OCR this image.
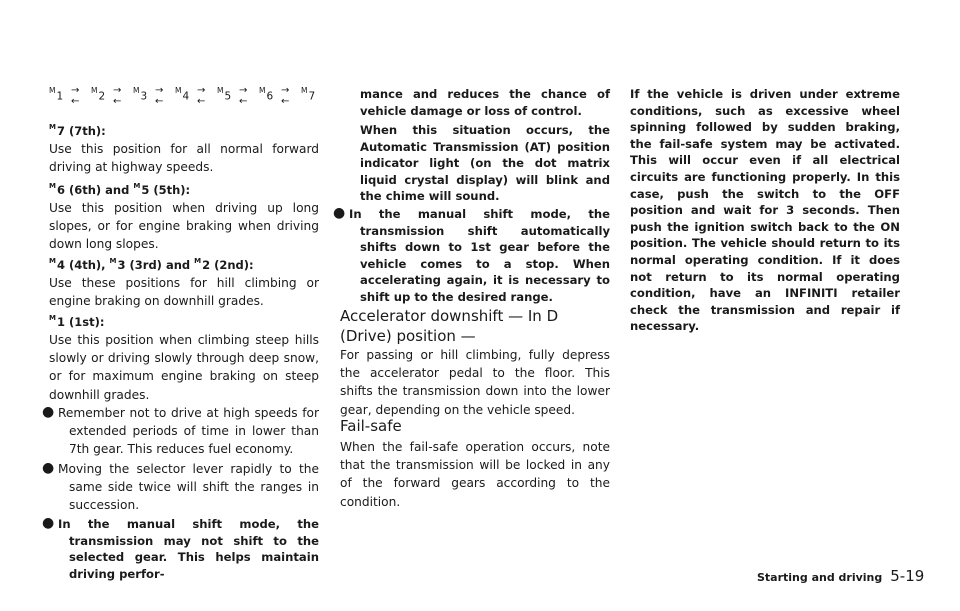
$^M$1 →
←
$^M$2 →
←
$^M$3 →
←
$^M$4 →
←
$^M$5 →
←
$^M$6 →
←
$^M$7
$^M$7 (7th):

Use this position for all normal forward driving at highway speeds.

$^M$6 (6th) and $^M$5 (5th):

Use this position when driving up long slopes, or for engine braking when driving down long slopes.

$^M$4 (4th), $^M$3 (3rd) and $^M$2 (2nd):

Use these positions for hill climbing or engine braking on downhill grades.

$^M$1 (1st):

Use this position when climbing steep hills slowly or driving slowly through deep snow, or for maximum engine braking on steep downhill grades.

● Remember not to drive at high speeds for extended periods of time in lower than 7th gear. This reduces fuel economy.
● Moving the selector lever rapidly to the same side twice will shift the ranges in succession.
● In the manual shift mode, the transmission may not shift to the selected gear. This helps maintain driving perfor-

mance and reduces the chance of vehicle damage or loss of control.

When this situation occurs, the Automatic Transmission (AT) position indicator light (on the dot matrix liquid crystal display) will blink and the chime will sound.

● In the manual shift mode, the transmission shift automatically shifts down to 1st gear before the vehicle comes to a stop. When accelerating again, it is necessary to shift up to the desired range.
Accelerator downshift — In D (Drive) position —

For passing or hill climbing, fully depress the accelerator pedal to the floor. This shifts the transmission down into the lower gear, depending on the vehicle speed.

Fail-safe

When the fail-safe operation occurs, note that the transmission will be locked in any of the forward gears according to the condition.

If the vehicle is driven under extreme conditions, such as excessive wheel spinning followed by sudden braking, the fail-safe system may be activated. This will occur even if all electrical circuits are functioning properly. In this case, push the switch to the OFF position and wait for 3 seconds. Then push the ignition switch back to the ON position. The vehicle should return to its normal operating condition. If it does not return to its normal operating condition, have an INFINITI retailer check the transmission and repair if necessary.

Starting and driving 5-19
